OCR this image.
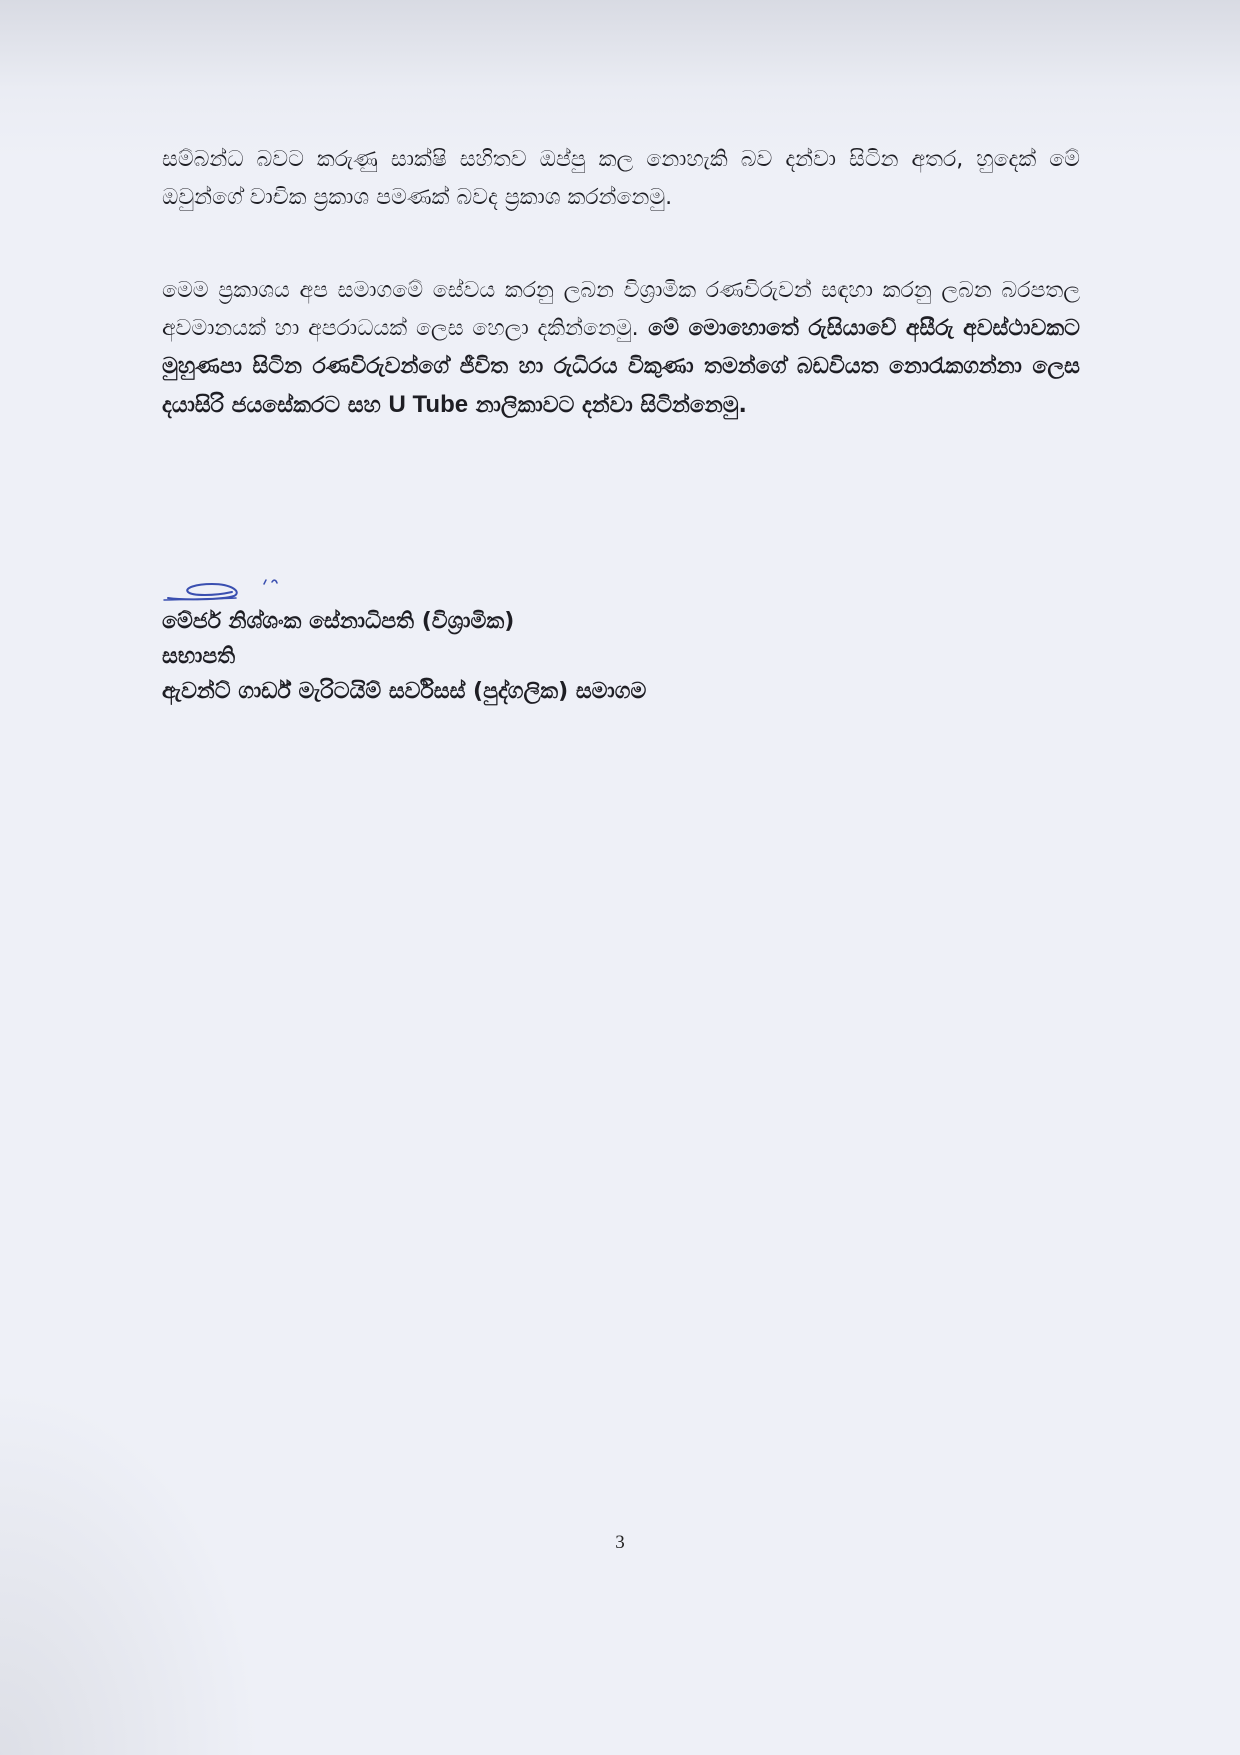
සම්බන්ධ බවට කරුණු සාක්ෂි සහිතව ඔප්පු කල නොහැකි බව දන්වා සිටින අතර, හුදෙක් මේ ඔවුන්ගේ වාචික ප්‍රකාශ පමණක් බවද ප්‍රකාශ කරන්නෙමු.

මෙම ප්‍රකාශය අප සමාගමේ සේවය කරනු ලබන විශ්‍රාමික රණවිරුවන් සඳහා කරනු ලබන බරපතල අවමානයක් හා අපරාධයක් ලෙස හෙලා දකින්නෙමු. මේ මොහොතේ රුසියාවේ අසීරු අවස්ථාවකට මුහුණපා සිටින රණවිරුවන්ගේ ජීවිත හා රුධිරය විකුණා තමන්ගේ බඩවියත නොරැකගන්නා ලෙස දයාසිරි ජයසේකරට සහ U Tube නාලිකාවට දන්වා සිටින්නෙමු.

මේජර් නිශ්ශංක සේනාධිපති (විශ්‍රාමික)
සභාපති
ඇවන්ට් ගාර්ඩ් මැරිටයිම් සර්විසස් (පුද්ගලික) සමාගම
3
